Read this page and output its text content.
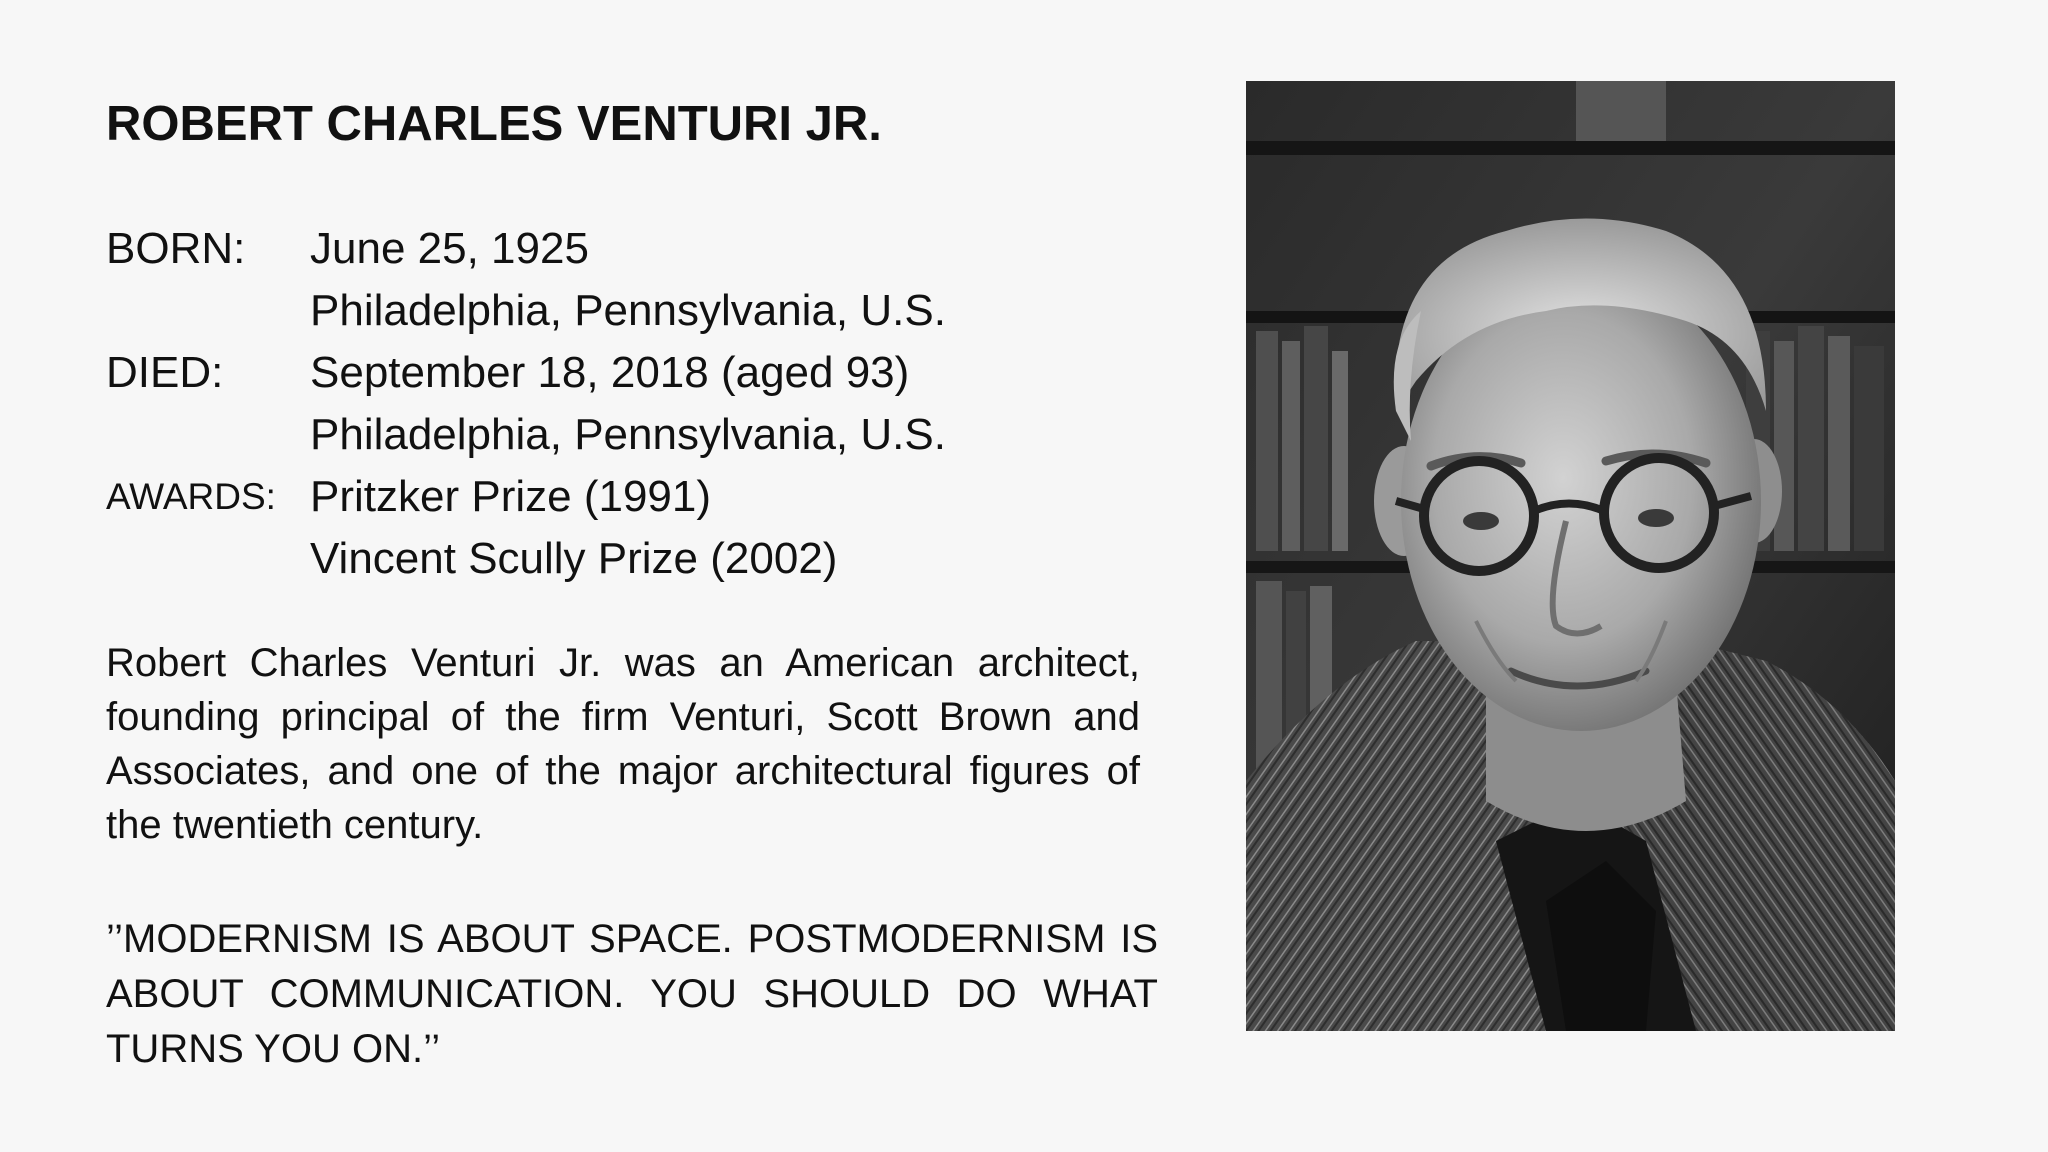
ROBERT CHARLES VENTURI JR.
BORN: June 25, 1925
Philadelphia, Pennsylvania, U.S.
DIED: September 18, 2018 (aged 93)
Philadelphia, Pennsylvania, U.S.
AWARDS: Pritzker Prize (1991)
Vincent Scully Prize (2002)
Robert Charles Venturi Jr. was an American architect, founding principal of the firm Venturi, Scott Brown and Associates, and one of the major architectural figures of the twentieth century.
’’MODERNISM IS ABOUT SPACE. POSTMODERNISM IS ABOUT COMMUNICATION. YOU SHOULD DO WHAT TURNS YOU ON.’’
